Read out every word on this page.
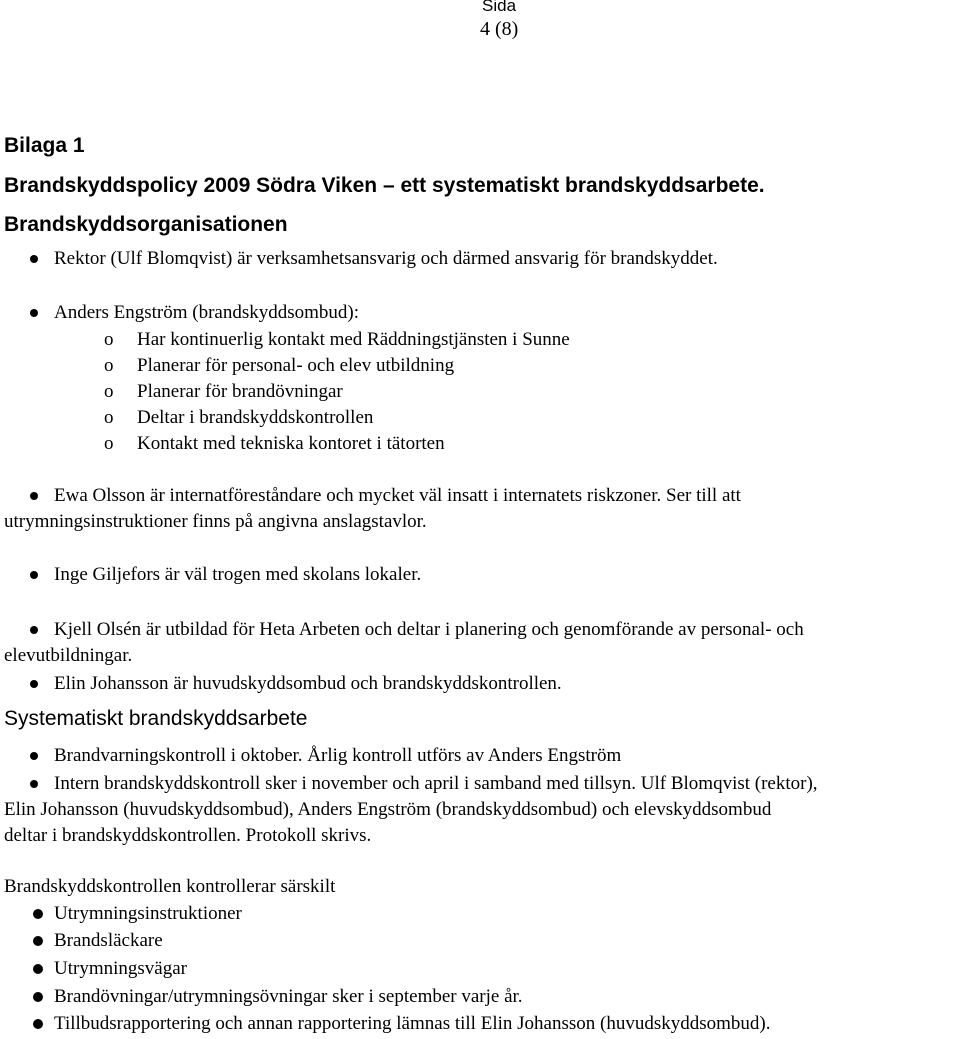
Sida
4 (8)
Bilaga 1
Brandskyddspolicy 2009 Södra Viken – ett systematiskt brandskyddsarbete.
Brandskyddsorganisationen
Rektor (Ulf Blomqvist) är verksamhetsansvarig och därmed ansvarig för brandskyddet.
Anders Engström (brandskyddsombud):
o Har kontinuerlig kontakt med Räddningstjänsten i Sunne
o Planerar för personal- och elev utbildning
o Planerar för brandövningar
o Deltar i brandskyddskontrollen
o Kontakt med tekniska kontoret i tätorten
Ewa Olsson är internatföreståndare och mycket väl insatt i internatets riskzoner. Ser till att
utrymningsinstruktioner finns på angivna anslagstavlor.
Inge Giljefors är väl trogen med skolans lokaler.
Kjell Olsén är utbildad för Heta Arbeten och deltar i planering och genomförande av personal- och
elevutbildningar.
Elin Johansson är huvudskyddsombud och brandskyddskontrollen.
Systematiskt brandskyddsarbete
Brandvarningskontroll i oktober. Årlig kontroll utförs av Anders Engström
Intern brandskyddskontroll sker i november och april i samband med tillsyn. Ulf Blomqvist (rektor),
Elin Johansson (huvudskyddsombud), Anders Engström (brandskyddsombud) och elevskyddsombud
deltar i brandskyddskontrollen. Protokoll skrivs.
Brandskyddskontrollen kontrollerar särskilt
Utrymningsinstruktioner
Brandsläckare
Utrymningsvägar
Brandövningar/utrymningsövningar sker i september varje år.
Tillbudsrapportering och annan rapportering lämnas till Elin Johansson (huvudskyddsombud).
